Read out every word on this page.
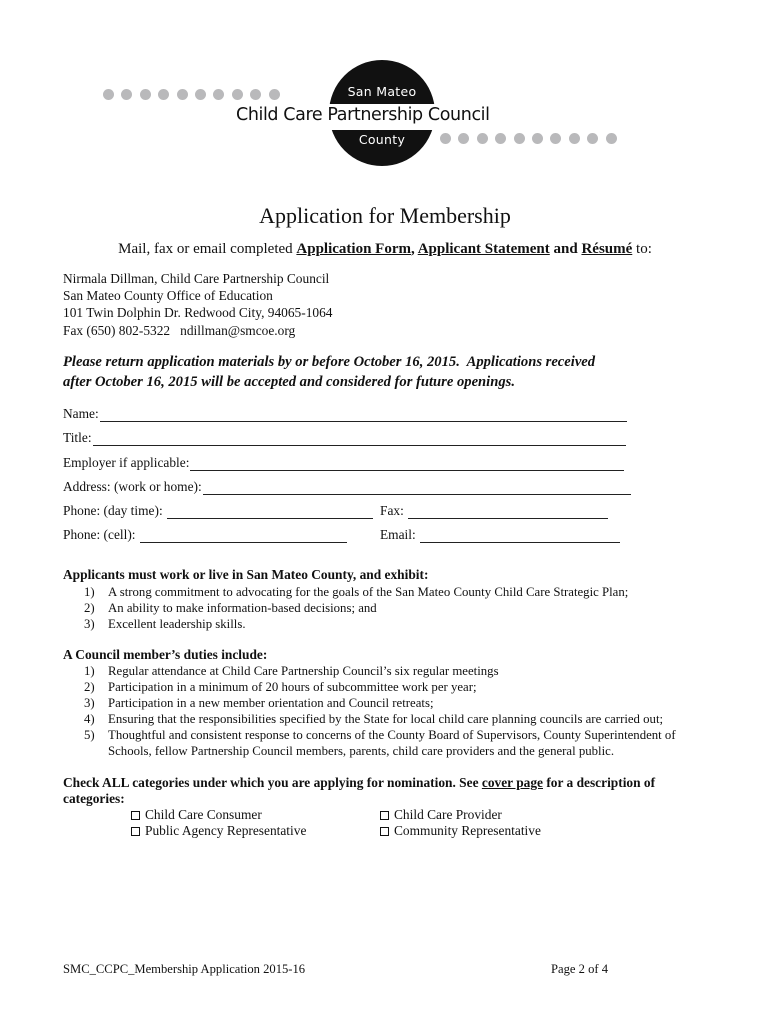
San Mateo
Child Care Partnership Council
County
Application for Membership
Mail, fax or email completed Application Form, Applicant Statement and Résumé to:
Nirmala Dillman, Child Care Partnership Council
San Mateo County Office of Education
101 Twin Dolphin Dr. Redwood City, 94065-1064
Fax (650) 802-5322   ndillman@smcoe.org
Please return application materials by or before October 16, 2015.  Applications received
after October 16, 2015 will be accepted and considered for future openings.
Name:
Title:
Employer if applicable:
Address: (work or home):
Phone: (day time):	Fax:
Phone: (cell):	Email:
Applicants must work or live in San Mateo County, and exhibit:
1) A strong commitment to advocating for the goals of the San Mateo County Child Care Strategic Plan;
2) An ability to make information-based decisions; and
3) Excellent leadership skills.
A Council member’s duties include:
1) Regular attendance at Child Care Partnership Council’s six regular meetings
2) Participation in a minimum of 20 hours of subcommittee work per year;
3) Participation in a new member orientation and Council retreats;
4) Ensuring that the responsibilities specified by the State for local child care planning councils are carried out;
5) Thoughtful and consistent response to concerns of the County Board of Supervisors, County Superintendent of Schools, fellow Partnership Council members, parents, child care providers and the general public.
Check ALL categories under which you are applying for nomination. See cover page for a description of categories:
Child Care Consumer	Child Care Provider
Public Agency Representative	Community Representative
SMC_CCPC_Membership Application 2015-16	Page 2 of 4
